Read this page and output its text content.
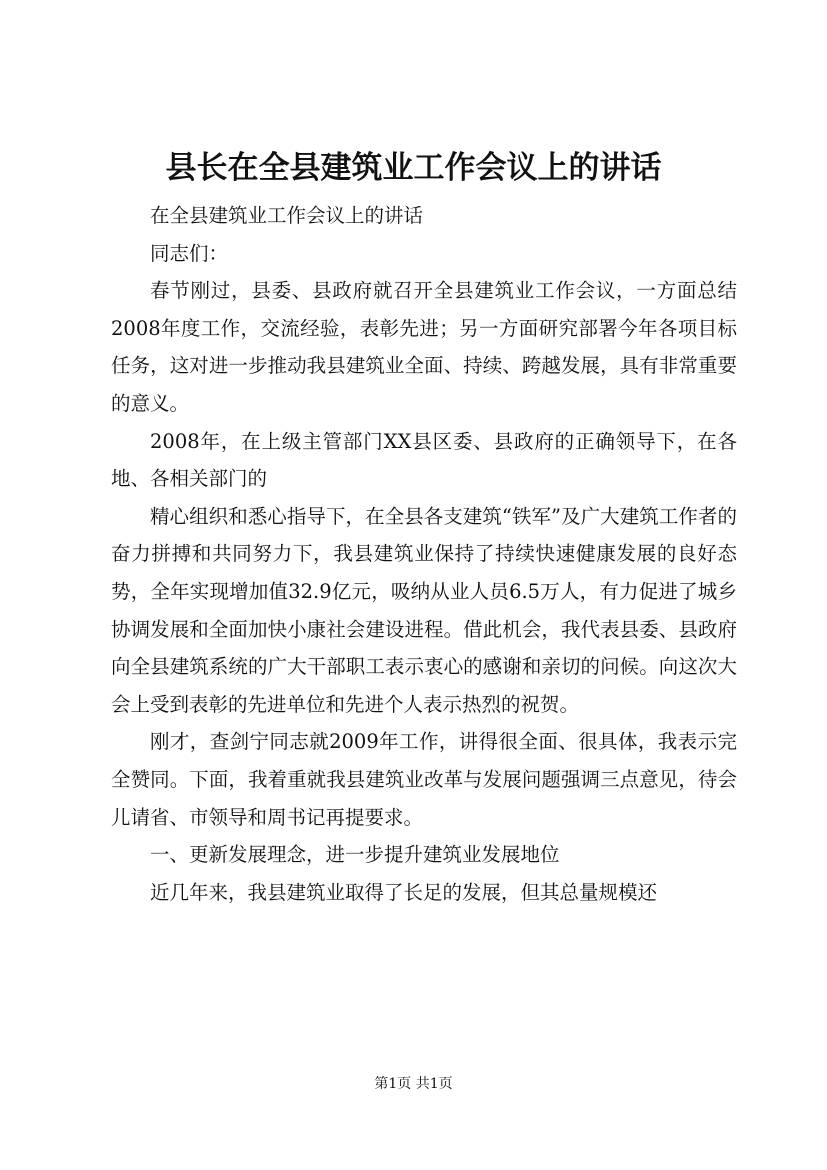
县长在全县建筑业工作会议上的讲话

在全县建筑业工作会议上的讲话

同志们：

春节刚过，县委、县政府就召开全县建筑业工作会议，一方面总结2008年度工作，交流经验，表彰先进；另一方面研究部署今年各项目标任务，这对进一步推动我县建筑业全面、持续、跨越发展，具有非常重要的意义。

2008年，在上级主管部门XX县区委、县政府的正确领导下，在各地、各相关部门的

精心组织和悉心指导下，在全县各支建筑“铁军”及广大建筑工作者的奋力拼搏和共同努力下，我县建筑业保持了持续快速健康发展的良好态势，全年实现增加值32.9亿元，吸纳从业人员6.5万人，有力促进了城乡协调发展和全面加快小康社会建设进程。借此机会，我代表县委、县政府向全县建筑系统的广大干部职工表示衷心的感谢和亲切的问候。向这次大会上受到表彰的先进单位和先进个人表示热烈的祝贺。

刚才，查剑宁同志就2009年工作，讲得很全面、很具体，我表示完全赞同。下面，我着重就我县建筑业改革与发展问题强调三点意见，待会儿请省、市领导和周书记再提要求。

一、更新发展理念，进一步提升建筑业发展地位

近几年来，我县建筑业取得了长足的发展，但其总量规模还

第1页 共1页
